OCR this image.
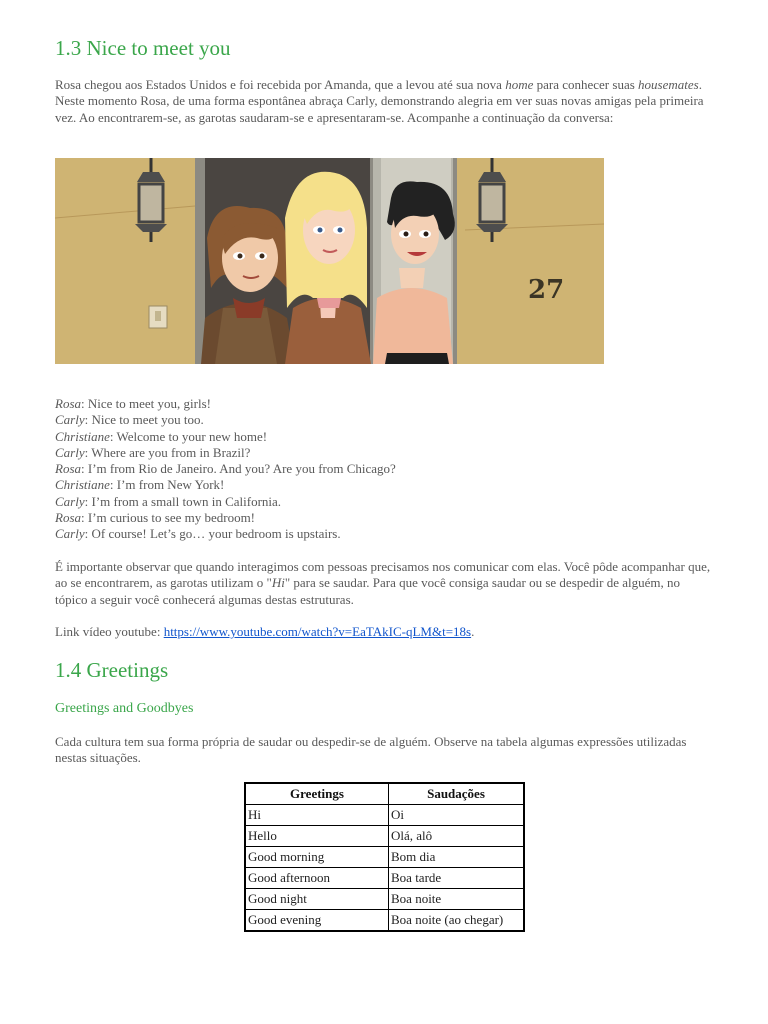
1.3 Nice to meet you

Rosa chegou aos Estados Unidos e foi recebida por Amanda, que a levou até sua nova home para conhecer suas housemates. Neste momento Rosa, de uma forma espontânea abraça Carly, demonstrando alegria em ver suas novas amigas pela primeira vez. Ao encontrarem-se, as garotas saudaram-se e apresentaram-se. Acompanhe a continuação da conversa:

27
Rosa: Nice to meet you, girls!
Carly: Nice to meet you too.
Christiane: Welcome to your new home!
Carly: Where are you from in Brazil?
Rosa: I’m from Rio de Janeiro. And you? Are you from Chicago?
Christiane: I’m from New York!
Carly: I’m from a small town in California.
Rosa: I’m curious to see my bedroom!
Carly: Of course! Let’s go… your bedroom is upstairs.

É importante observar que quando interagimos com pessoas precisamos nos comunicar com elas. Você pôde acompanhar que, ao se encontrarem, as garotas utilizam o "Hi" para se saudar. Para que você consiga saudar ou se despedir de alguém, no tópico a seguir você conhecerá algumas destas estruturas.

Link vídeo youtube: https://www.youtube.com/watch?v=EaTAkIC-qLM&t=18s.

1.4 Greetings
Greetings and Goodbyes

Cada cultura tem sua forma própria de saudar ou despedir-se de alguém. Observe na tabela algumas expressões utilizadas nestas situações.

Greetings	Saudações
Hi	Oi
Hello	Olá, alô
Good morning	Bom dia
Good afternoon	Boa tarde
Good night	Boa noite
Good evening	Boa noite (ao chegar)
